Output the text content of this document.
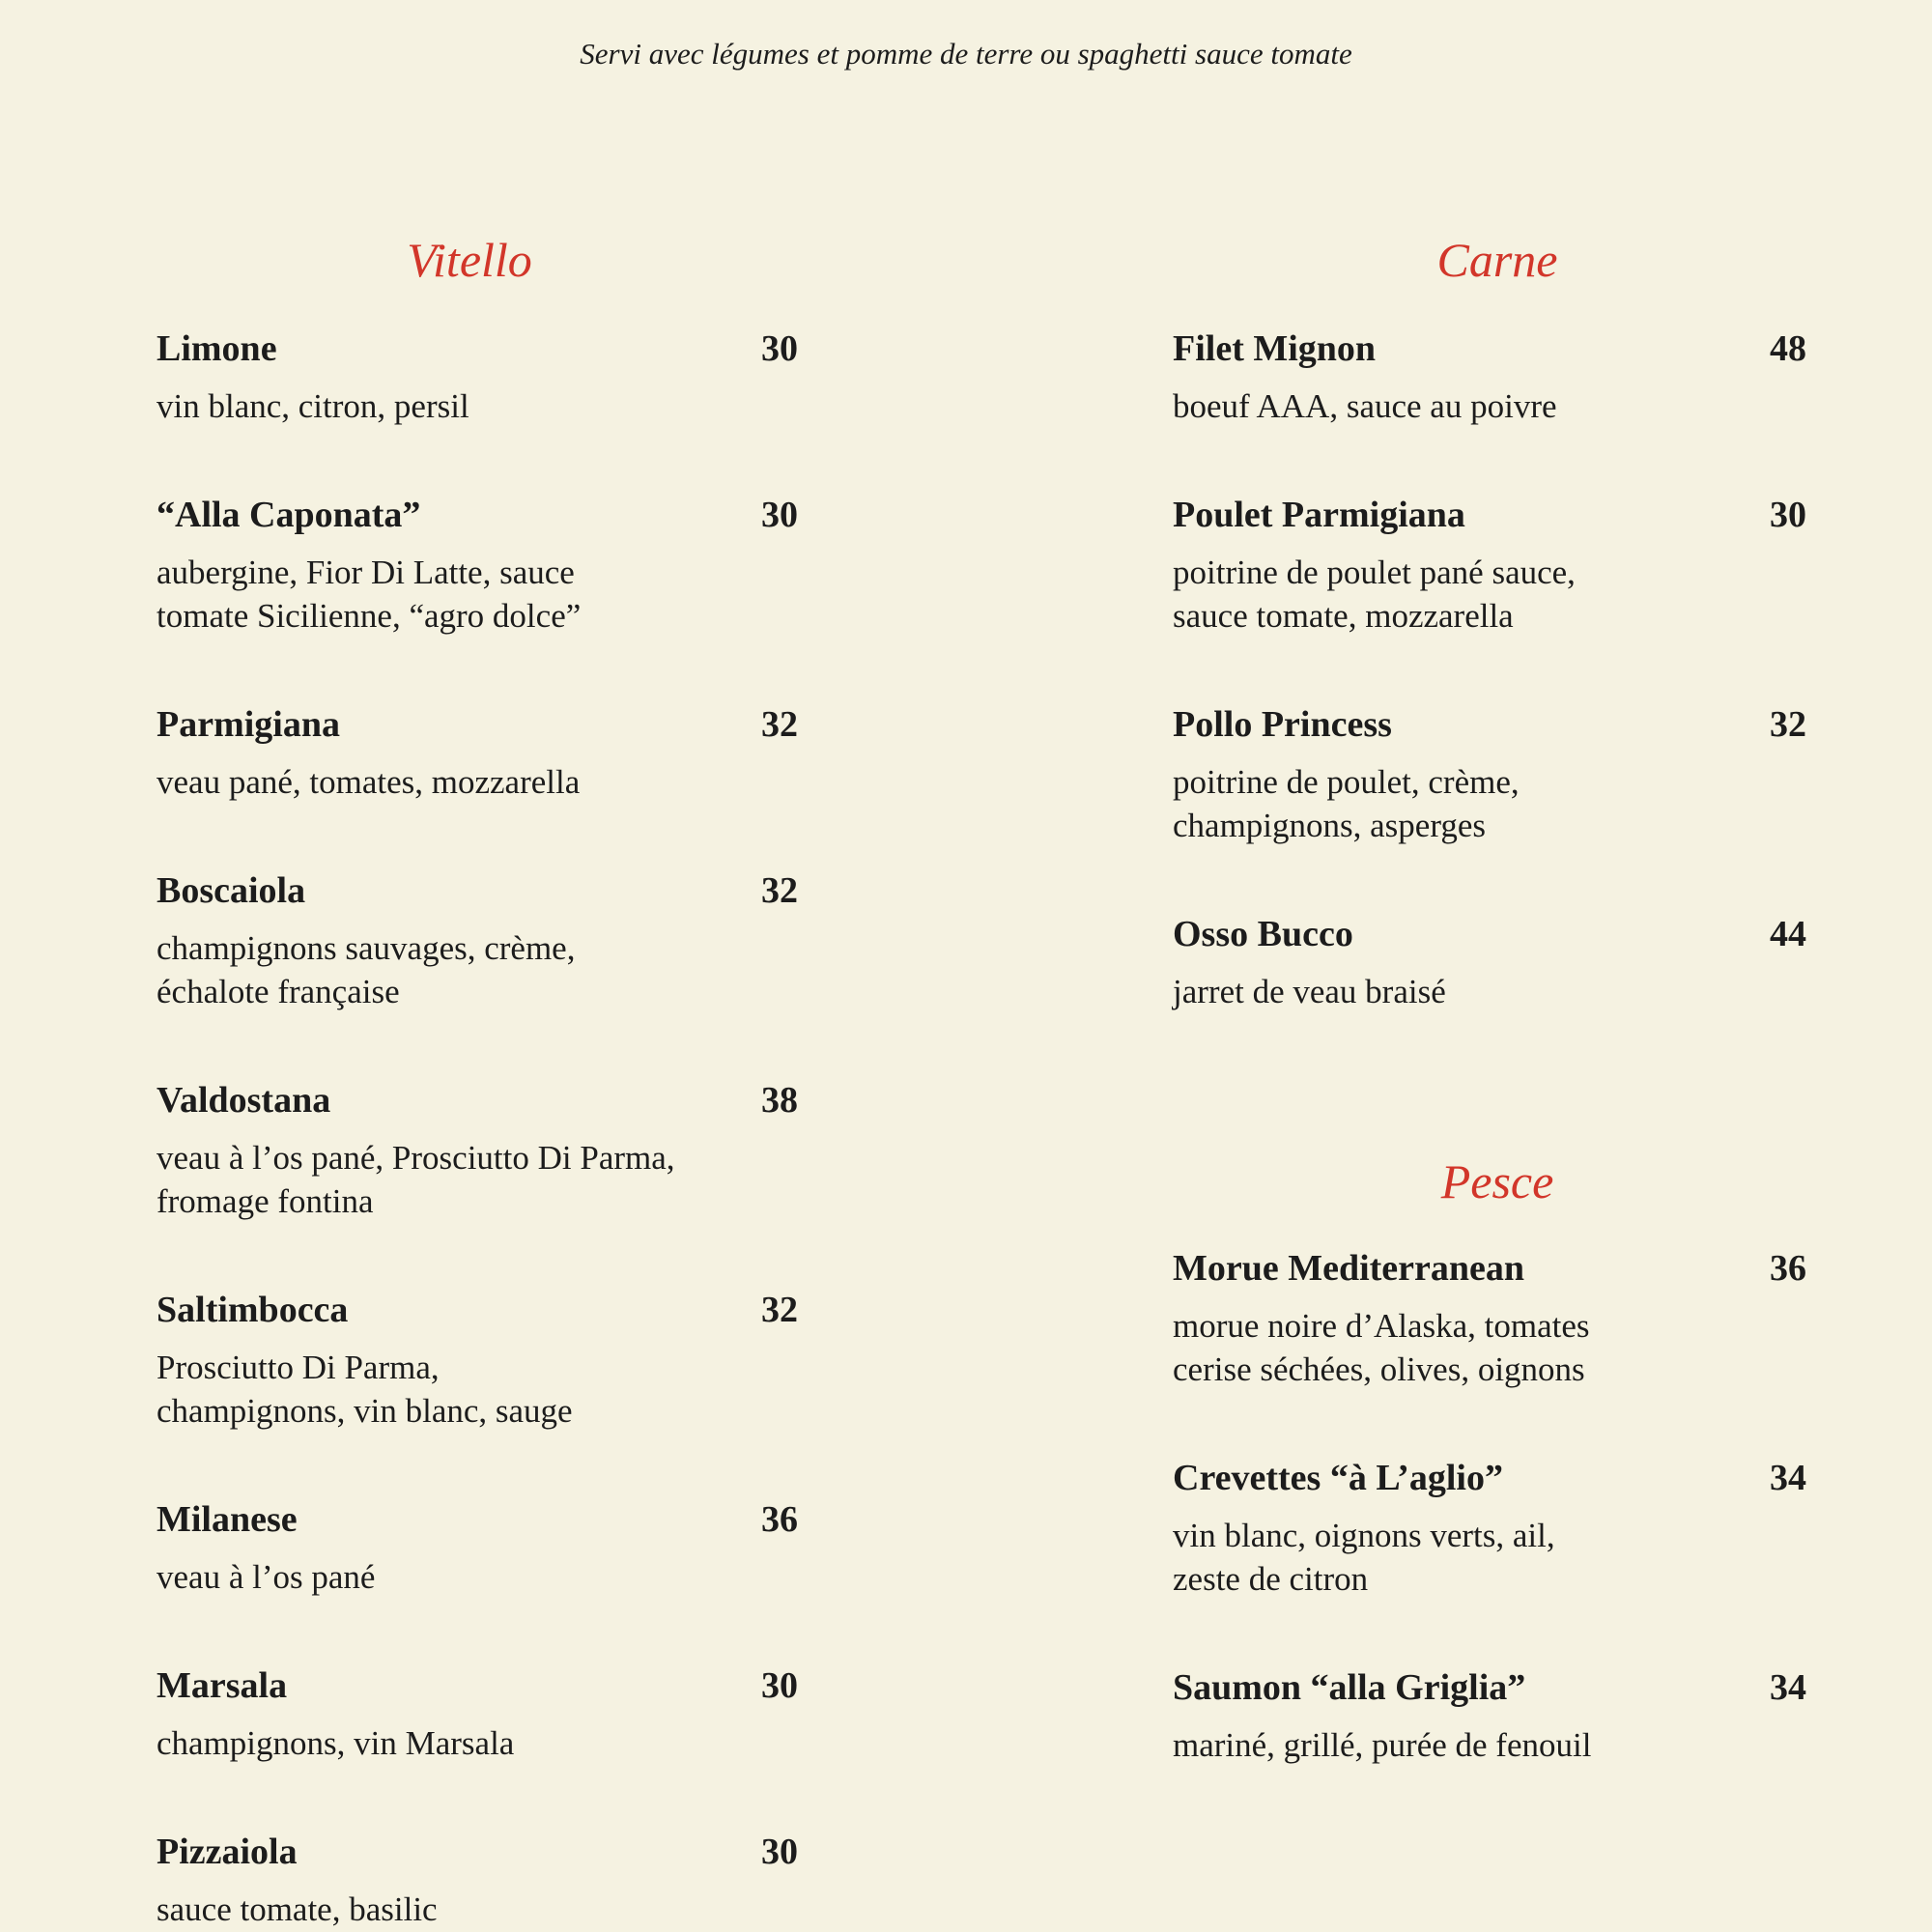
Servi avec légumes et pomme de terre ou spaghetti sauce tomate
Vitello	Carne
Pesce
Limone	30
vin blanc, citron, persil
“Alla Caponata”	30
aubergine, Fior Di Latte, sauce
tomate Sicilienne, “agro dolce”
Parmigiana	32
veau pané, tomates, mozzarella
Boscaiola	32
champignons sauvages, crème,
échalote française
Valdostana	38
veau à l’os pané, Prosciutto Di Parma,
fromage fontina
Saltimbocca	32
Prosciutto Di Parma,
champignons, vin blanc, sauge
Milanese	36
veau à l’os pané
Marsala	30
champignons, vin Marsala
Pizzaiola	30
sauce tomate, basilic
Filet Mignon	48
boeuf AAA, sauce au poivre
Poulet Parmigiana	30
poitrine de poulet pané sauce,
sauce tomate, mozzarella
Pollo Princess	32
poitrine de poulet, crème,
champignons, asperges
Osso Bucco	44
jarret de veau braisé
Morue Mediterranean	36
morue noire d’Alaska, tomates
cerise séchées, olives, oignons
Crevettes “à L’aglio”	34
vin blanc, oignons verts, ail,
zeste de citron
Saumon “alla Griglia”	34
mariné, grillé, purée de fenouil
